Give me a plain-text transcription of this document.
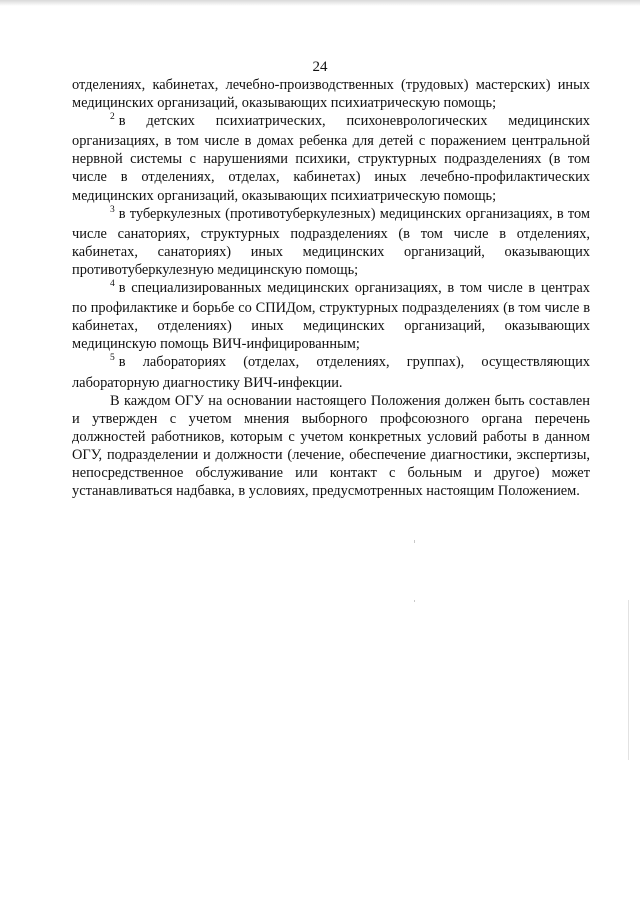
24

отделениях, кабинетах, лечебно-производственных (трудовых) мастерских) иных медицинских организаций, оказывающих психиатрическую помощь;

$^2$ в детских психиатрических, психоневрологических медицинских организациях, в том числе в домах ребенка для детей с поражением центральной нервной системы с нарушениями психики, структурных подразделениях (в том числе в отделениях, отделах, кабинетах) иных лечебно-профилактических медицинских организаций, оказывающих психиатрическую помощь;

$^3$ в туберкулезных (противотуберкулезных) медицинских организациях, в том числе санаториях, структурных подразделениях (в том числе в отделениях, кабинетах, санаториях) иных медицинских организаций, оказывающих противотуберкулезную медицинскую помощь;

$^4$ в специализированных медицинских организациях, в том числе в центрах по профилактике и борьбе со СПИДом, структурных подразделениях (в том числе в кабинетах, отделениях) иных медицинских организаций, оказывающих медицинскую помощь ВИЧ-инфицированным;

$^5$ в лабораториях (отделах, отделениях, группах), осуществляющих лабораторную диагностику ВИЧ-инфекции.

В каждом ОГУ на основании настоящего Положения должен быть составлен и утвержден с учетом мнения выборного профсоюзного органа перечень должностей работников, которым с учетом конкретных условий работы в данном ОГУ, подразделении и должности (лечение, обеспечение диагностики, экспертизы, непосредственное обслуживание или контакт с больным и другое) может устанавливаться надбавка, в условиях, предусмотренных настоящим Положением.
